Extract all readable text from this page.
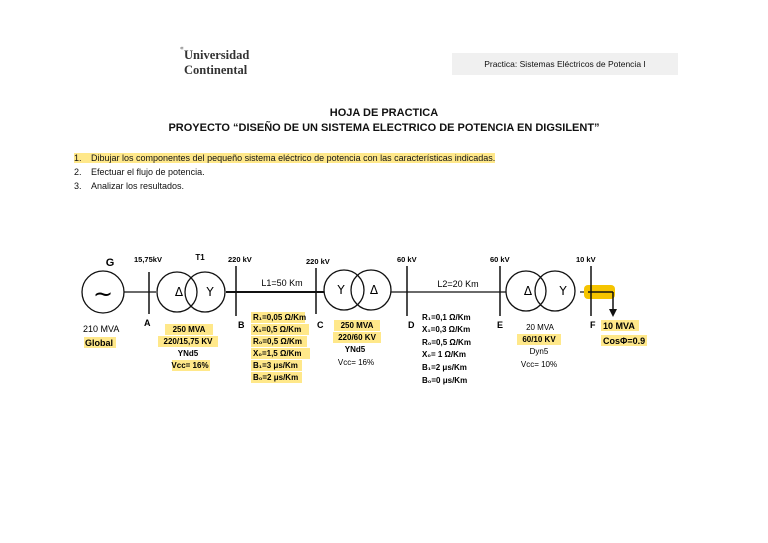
Universidad
Continental	Practica: Sistemas Eléctricos de Potencia I
HOJA DE PRACTICA
PROYECTO “DISEÑO DE UN SISTEMA ELECTRICO DE POTENCIA EN DIGSILENT”
1. Dibujar los componentes del pequeño sistema eléctrico de potencia con las características indicadas.
2. Efectuar el flujo de potencia.
3. Analizar los resultados.
~
G
Δ Y
T1
Y Δ	Δ Y
15,75kV	220 kV	220 kV	60 kV	60 kV	10 kV
L1=50 Km	L2=20 Km
A	B	C	D	E	F
210 MVA
Global
250 MVA
220/15,75 KV
YNd5
Vcc= 16%
R₁=0,05 Ω/Km
X₁=0,5 Ω/Km
R₀=0,5 Ω/Km
X₀=1,5 Ω/Km
B₁=3 μs/Km
B₀=2 μs/Km
250 MVA
220/60 KV
YNd5
Vcc= 16%
R₁=0,1 Ω/Km
X₁=0,3 Ω/Km
R₀=0,5 Ω/Km
X₀= 1 Ω/Km
B₁=2 μs/Km
B₀=0 μs/Km
20 MVA
60/10 KV
Dyn5
Vcc= 10%
10 MVA
CosΦ=0.9
